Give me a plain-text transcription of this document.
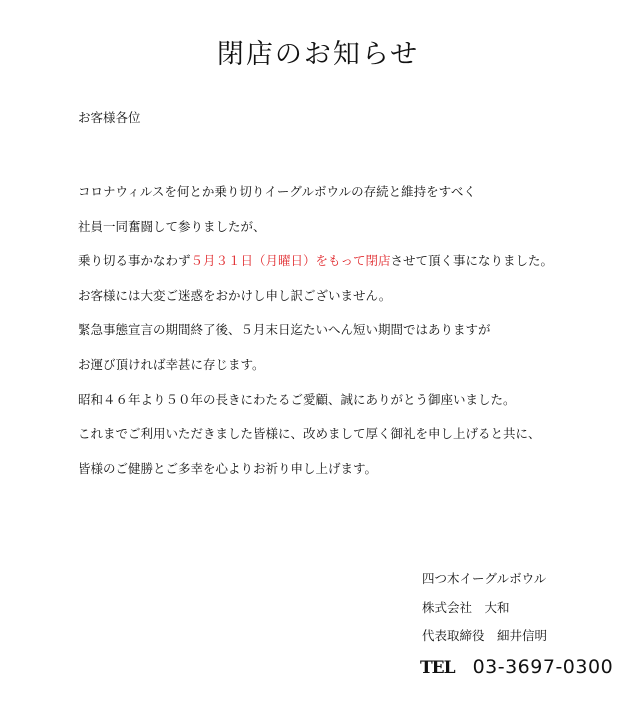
閉店のお知らせ
お客様各位
コロナウィルスを何とか乗り切りイーグルボウルの存続と維持をすべく
社員一同奮闘して参りましたが、
乗り切る事かなわず５月３１日（月曜日）をもって閉店させて頂く事になりました。
お客様には大変ご迷惑をおかけし申し訳ございません。
緊急事態宣言の期間終了後、５月末日迄たいへん短い期間ではありますが
お運び頂ければ幸甚に存じます。
昭和４６年より５０年の長きにわたるご愛顧、誠にありがとう御座いました。
これまでご利用いただきました皆様に、改めまして厚く御礼を申し上げると共に、
皆様のご健勝とご多幸を心よりお祈り申し上げます。
四つ木イーグルボウル
株式会社　大和
代表取締役　細井信明
TEL 03-3697-0300
